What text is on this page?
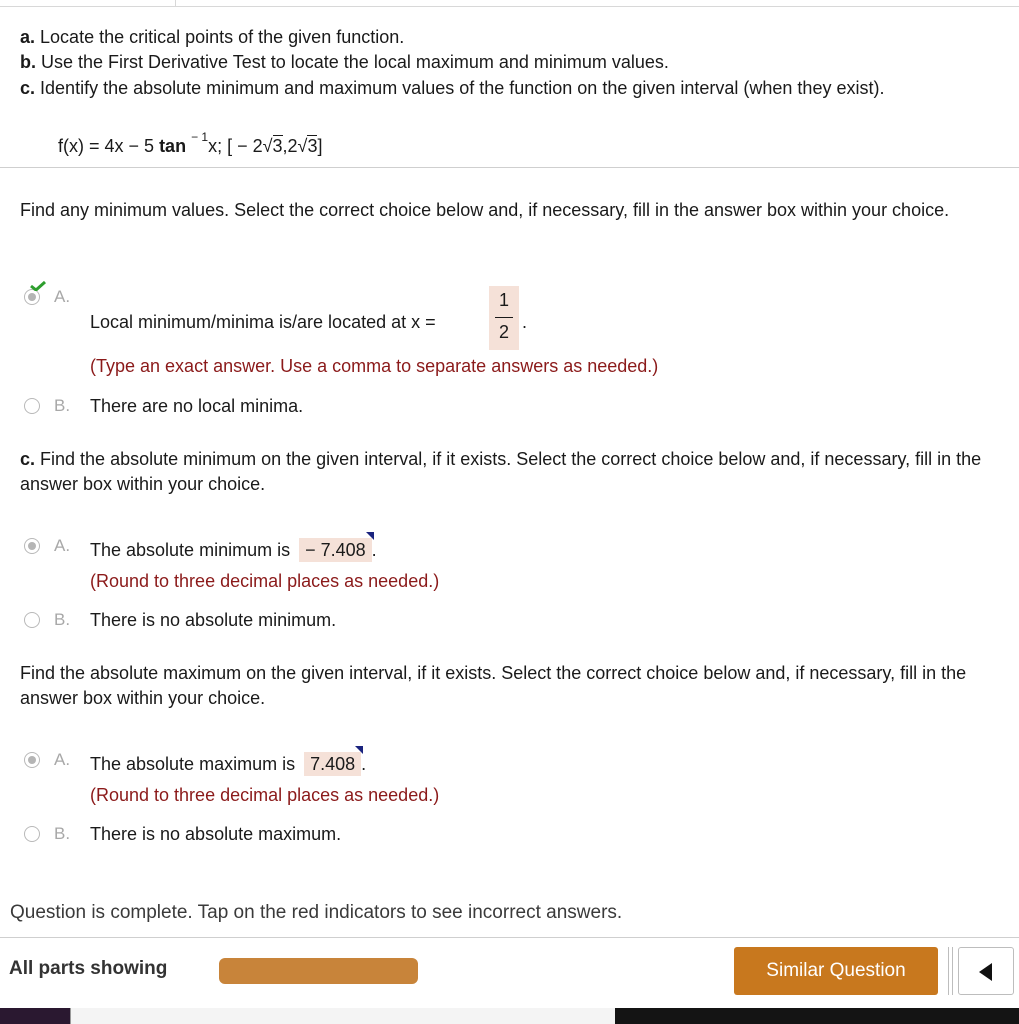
a. Locate the critical points of the given function.
b. Use the First Derivative Test to locate the local maximum and minimum values.
c. Identify the absolute minimum and maximum values of the function on the given interval (when they exist).
f(x) = 4x − 5 tan $^{- 1}$x; [ − 2√3,2√3]
Find any minimum values. Select the correct choice below and, if necessary, fill in the answer box within your choice.
A.
Local minimum/minima is/are located at x =
1
2 .
(Type an exact answer. Use a comma to separate answers as needed.)
B. There are no local minima.
c. Find the absolute minimum on the given interval, if it exists. Select the correct choice below and, if necessary, fill in the answer box within your choice.
A. The absolute minimum is − 7.408 .
(Round to three decimal places as needed.)
B. There is no absolute minimum.
Find the absolute maximum on the given interval, if it exists. Select the correct choice below and, if necessary, fill in the answer box within your choice.
A. The absolute maximum is 7.408 .
(Round to three decimal places as needed.)
B. There is no absolute maximum.
Question is complete. Tap on the red indicators to see incorrect answers.
All parts showing	Similar Question
